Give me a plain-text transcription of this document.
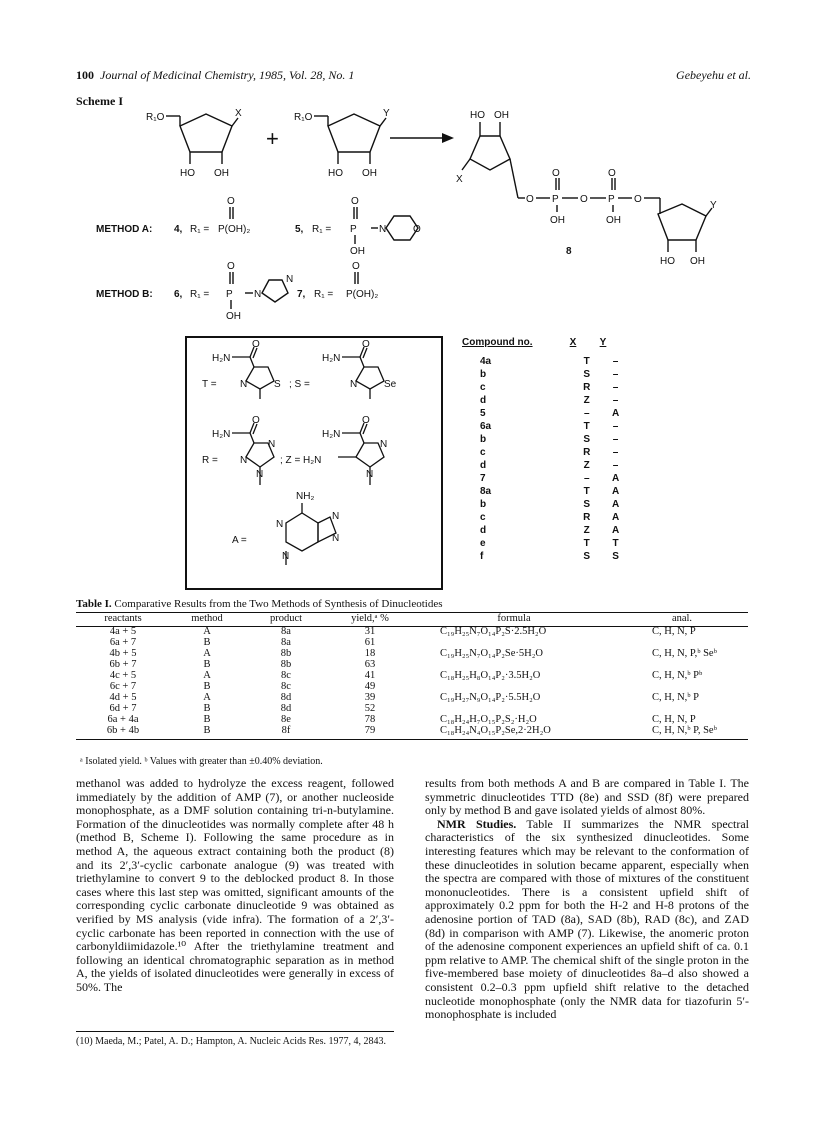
100 Journal of Medicinal Chemistry, 1985, Vol. 28, No. 1	Gebeyehu et al.
Scheme I
R₁O	X
HO OH
+
R₁O	Y
HO OH
HO OH
X
O
O
P O
O
P O
OH	OH
Y
HO OH
8
METHOD A: 4, R₁ =
O
P(OH)₂	5, R₁ =
O
P N	O
OH
METHOD B: 6, R₁ =
O
P N
N
OH
7, R₁ =
O
P(OH)₂
T =
H₂N
O
N	S ; S =
H₂N
O
N	Se
R =
H₂N
O
N
N
N
; Z = H₂N
H₂N
O
N
N
A =
NH₂
N
N
N
N
Compound no.	X	Y
4a	T	–
b	S	–
c	R	–
d	Z	–
5	–	A
6a	T	–
b	S	–
c	R	–
d	Z	–
7	–	A
8a	T	A
b	S	A
c	R	A
d	Z	A
e	T	T
f	S	S
Table I. Comparative Results from the Two Methods of Synthesis of Dinucleotides
reactants	method	product	yield,ᵃ %	formula	anal.
4a + 5	A	8a	31	C₁₉H₂₅N₇O₁₄P₂S·2.5H₂O	C, H, N, P
6a + 7	B	8a	61		
4b + 5	A	8b	18	C₁₉H₂₅N₇O₁₄P₂Se·5H₂O	C, H, N, P,ᵇ Seᵇ
6b + 7	B	8b	63		
4c + 5	A	8c	41	C₁₈H₂₅H₈O₁₄P₂·3.5H₂O	C, H, N,ᵇ Pᵇ
6c + 7	B	8c	49		
4d + 5	A	8d	39	C₁₉H₂₇N₉O₁₄P₂·5.5H₂O	C, H, N,ᵇ P
6d + 7	B	8d	52		
6a + 4a	B	8e	78	C₁₈H₂₄H₇O₁₅P₂S₂·H₂O	C, H, N, P
6b + 4b	B	8f	79	C₁₈H₂₄N₄O₁₅P₂Se,2·2H₂O	C, H, N,ᵇ P, Seᵇ
ᵃ Isolated yield. ᵇ Values with greater than ±0.40% deviation.

methanol was added to hydrolyze the excess reagent, followed immediately by the addition of AMP (7), or another nucleoside monophosphate, as a DMF solution containing tri-n-butylamine. Formation of the dinucleotides was normally complete after 48 h (method B, Scheme I). Following the same procedure as in method A, the aqueous extract containing both the product (8) and its 2′,3′-cyclic carbonate analogue (9) was treated with triethylamine to convert 9 to the deblocked product 8. In those cases where this last step was omitted, significant amounts of the corresponding cyclic carbonate dinucleotide 9 was obtained as verified by MS analysis (vide infra). The formation of a 2′,3′-cyclic carbonate has been reported in connection with the use of carbonyldiimidazole.¹⁰ After the triethylamine treatment and following an identical chromatographic separation as in method A, the yields of isolated dinucleotides were generally in excess of 50%. The

(10) Maeda, M.; Patel, A. D.; Hampton, A. Nucleic Acids Res. 1977, 4, 2843.

results from both methods A and B are compared in Table I. The symmetric dinucleotides TTD (8e) and SSD (8f) were prepared only by method B and gave isolated yields of almost 80%.

NMR Studies. Table II summarizes the NMR spectral characteristics of the six synthesized dinucleotides. Some interesting features which may be relevant to the conformation of these dinucleotides in solution became apparent, especially when the spectra are compared with those of mixtures of the constituent mononucleotides. There is a consistent upfield shift of approximately 0.2 ppm for both the H-2 and H-8 protons of the adenosine portion of TAD (8a), SAD (8b), RAD (8c), and ZAD (8d) in comparison with AMP (7). Likewise, the anomeric proton of the adenosine component experiences an upfield shift of ca. 0.1 ppm relative to AMP. The chemical shift of the single proton in the five-membered base moiety of dinucleotides 8a–d also showed a consistent 0.2–0.3 ppm upfield shift relative to the detached nucleotide monophosphate (only the NMR data for tiazofurin 5′-monophosphate is included
